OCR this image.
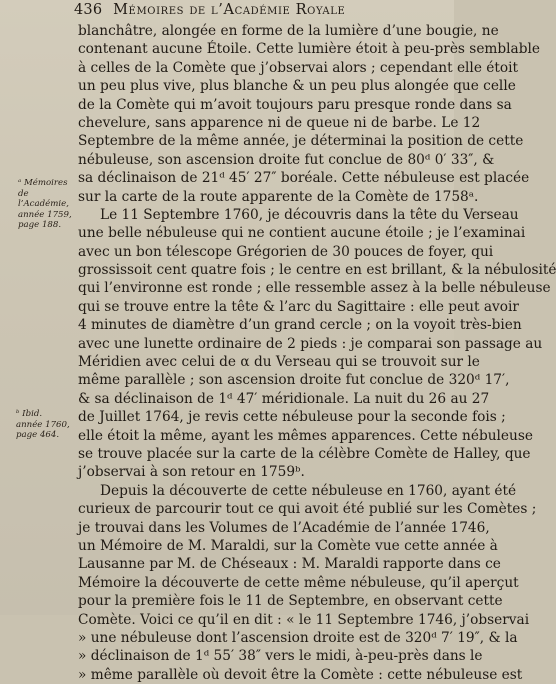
436 Mémoires de l’Académie Royale
ᵃ Mémoires
de l’Académie,
année 1759,
page 188.
ᵇ Ibid.
année 1760,
page 464.
blanchâtre, alongée en forme de la lumière d’une bougie, ne
contenant aucune Étoile. Cette lumière étoit à peu-près semblable
à celles de la Comète que j’observai alors ; cependant elle étoit
un peu plus vive, plus blanche & un peu plus alongée que celle
de la Comète qui m’avoit toujours paru presque ronde dans sa
chevelure, sans apparence ni de queue ni de barbe. Le 12
Septembre de la même année, je déterminai la position de cette
nébuleuse, son ascension droite fut conclue de 80ᵈ 0′ 33″, &
sa déclinaison de 21ᵈ 45′ 27″ boréale. Cette nébuleuse est placée
sur la carte de la route apparente de la Comète de 1758ᵃ.
Le 11 Septembre 1760, je découvris dans la tête du Verseau
une belle nébuleuse qui ne contient aucune étoile ; je l’examinai
avec un bon télescope Grégorien de 30 pouces de foyer, qui
grossissoit cent quatre fois ; le centre en est brillant, & la nébulosité
qui l’environne est ronde ; elle ressemble assez à la belle nébuleuse
qui se trouve entre la tête & l’arc du Sagittaire : elle peut avoir
4 minutes de diamètre d’un grand cercle ; on la voyoit très-bien
avec une lunette ordinaire de 2 pieds : je comparai son passage au
Méridien avec celui de α du Verseau qui se trouvoit sur le
même parallèle ; son ascension droite fut conclue de 320ᵈ 17′,
& sa déclinaison de 1ᵈ 47′ méridionale. La nuit du 26 au 27
de Juillet 1764, je revis cette nébuleuse pour la seconde fois ;
elle étoit la même, ayant les mêmes apparences. Cette nébuleuse
se trouve placée sur la carte de la célèbre Comète de Halley, que
j’observai à son retour en 1759ᵇ.
Depuis la découverte de cette nébuleuse en 1760, ayant été
curieux de parcourir tout ce qui avoit été publié sur les Comètes ;
je trouvai dans les Volumes de l’Académie de l’année 1746,
un Mémoire de M. Maraldi, sur la Comète vue cette année à
Lausanne par M. de Chéseaux : M. Maraldi rapporte dans ce
Mémoire la découverte de cette même nébuleuse, qu’il aperçut
pour la première fois le 11 de Septembre, en observant cette
Comète. Voici ce qu’il en dit : « le 11 Septembre 1746, j’observai
» une nébuleuse dont l’ascension droite est de 320ᵈ 7′ 19″, & la
» déclinaison de 1ᵈ 55′ 38″ vers le midi, à-peu-près dans le
» même parallèle où devoit être la Comète : cette nébuleuse est
